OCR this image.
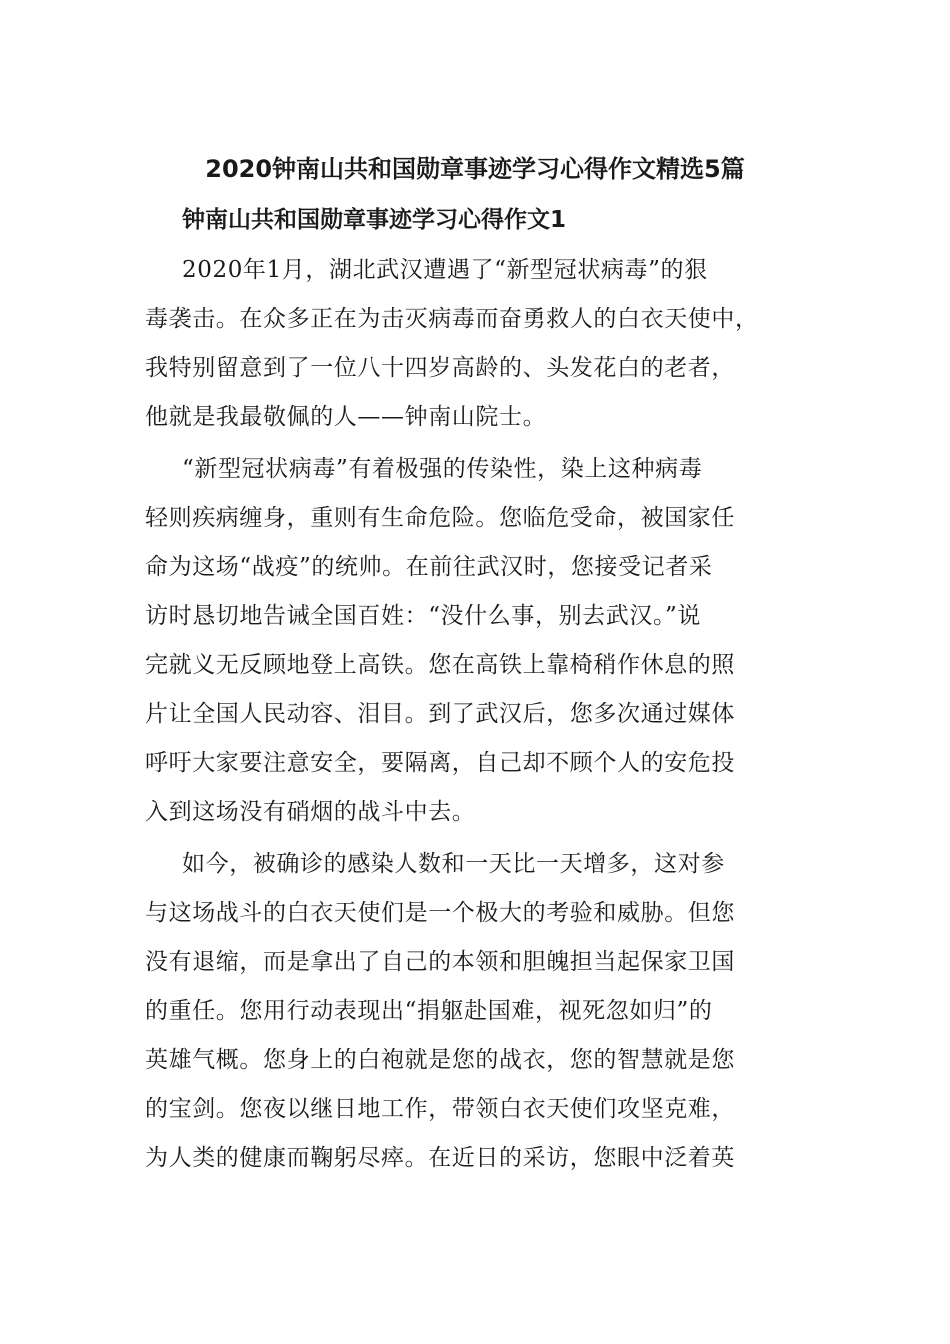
2020钟南山共和国勋章事迹学习心得作文精选5篇
钟南山共和国勋章事迹学习心得作文1
2020年1月，湖北武汉遭遇了“新型冠状病毒”的狠
毒袭击。在众多正在为击灭病毒而奋勇救人的白衣天使中，
我特别留意到了一位八十四岁高龄的、头发花白的老者，
他就是我最敬佩的人——钟南山院士。
“新型冠状病毒”有着极强的传染性，染上这种病毒
轻则疾病缠身，重则有生命危险。您临危受命，被国家任
命为这场“战疫”的统帅。在前往武汉时，您接受记者采
访时恳切地告诫全国百姓：“没什么事，别去武汉。”说
完就义无反顾地登上高铁。您在高铁上靠椅稍作休息的照
片让全国人民动容、泪目。到了武汉后，您多次通过媒体
呼吁大家要注意安全，要隔离，自己却不顾个人的安危投
入到这场没有硝烟的战斗中去。
如今，被确诊的感染人数和一天比一天增多，这对参
与这场战斗的白衣天使们是一个极大的考验和威胁。但您
没有退缩，而是拿出了自己的本领和胆魄担当起保家卫国
的重任。您用行动表现出“捐躯赴国难，视死忽如归”的
英雄气概。您身上的白袍就是您的战衣，您的智慧就是您
的宝剑。您夜以继日地工作，带领白衣天使们攻坚克难，
为人类的健康而鞠躬尽瘁。在近日的采访，您眼中泛着英
